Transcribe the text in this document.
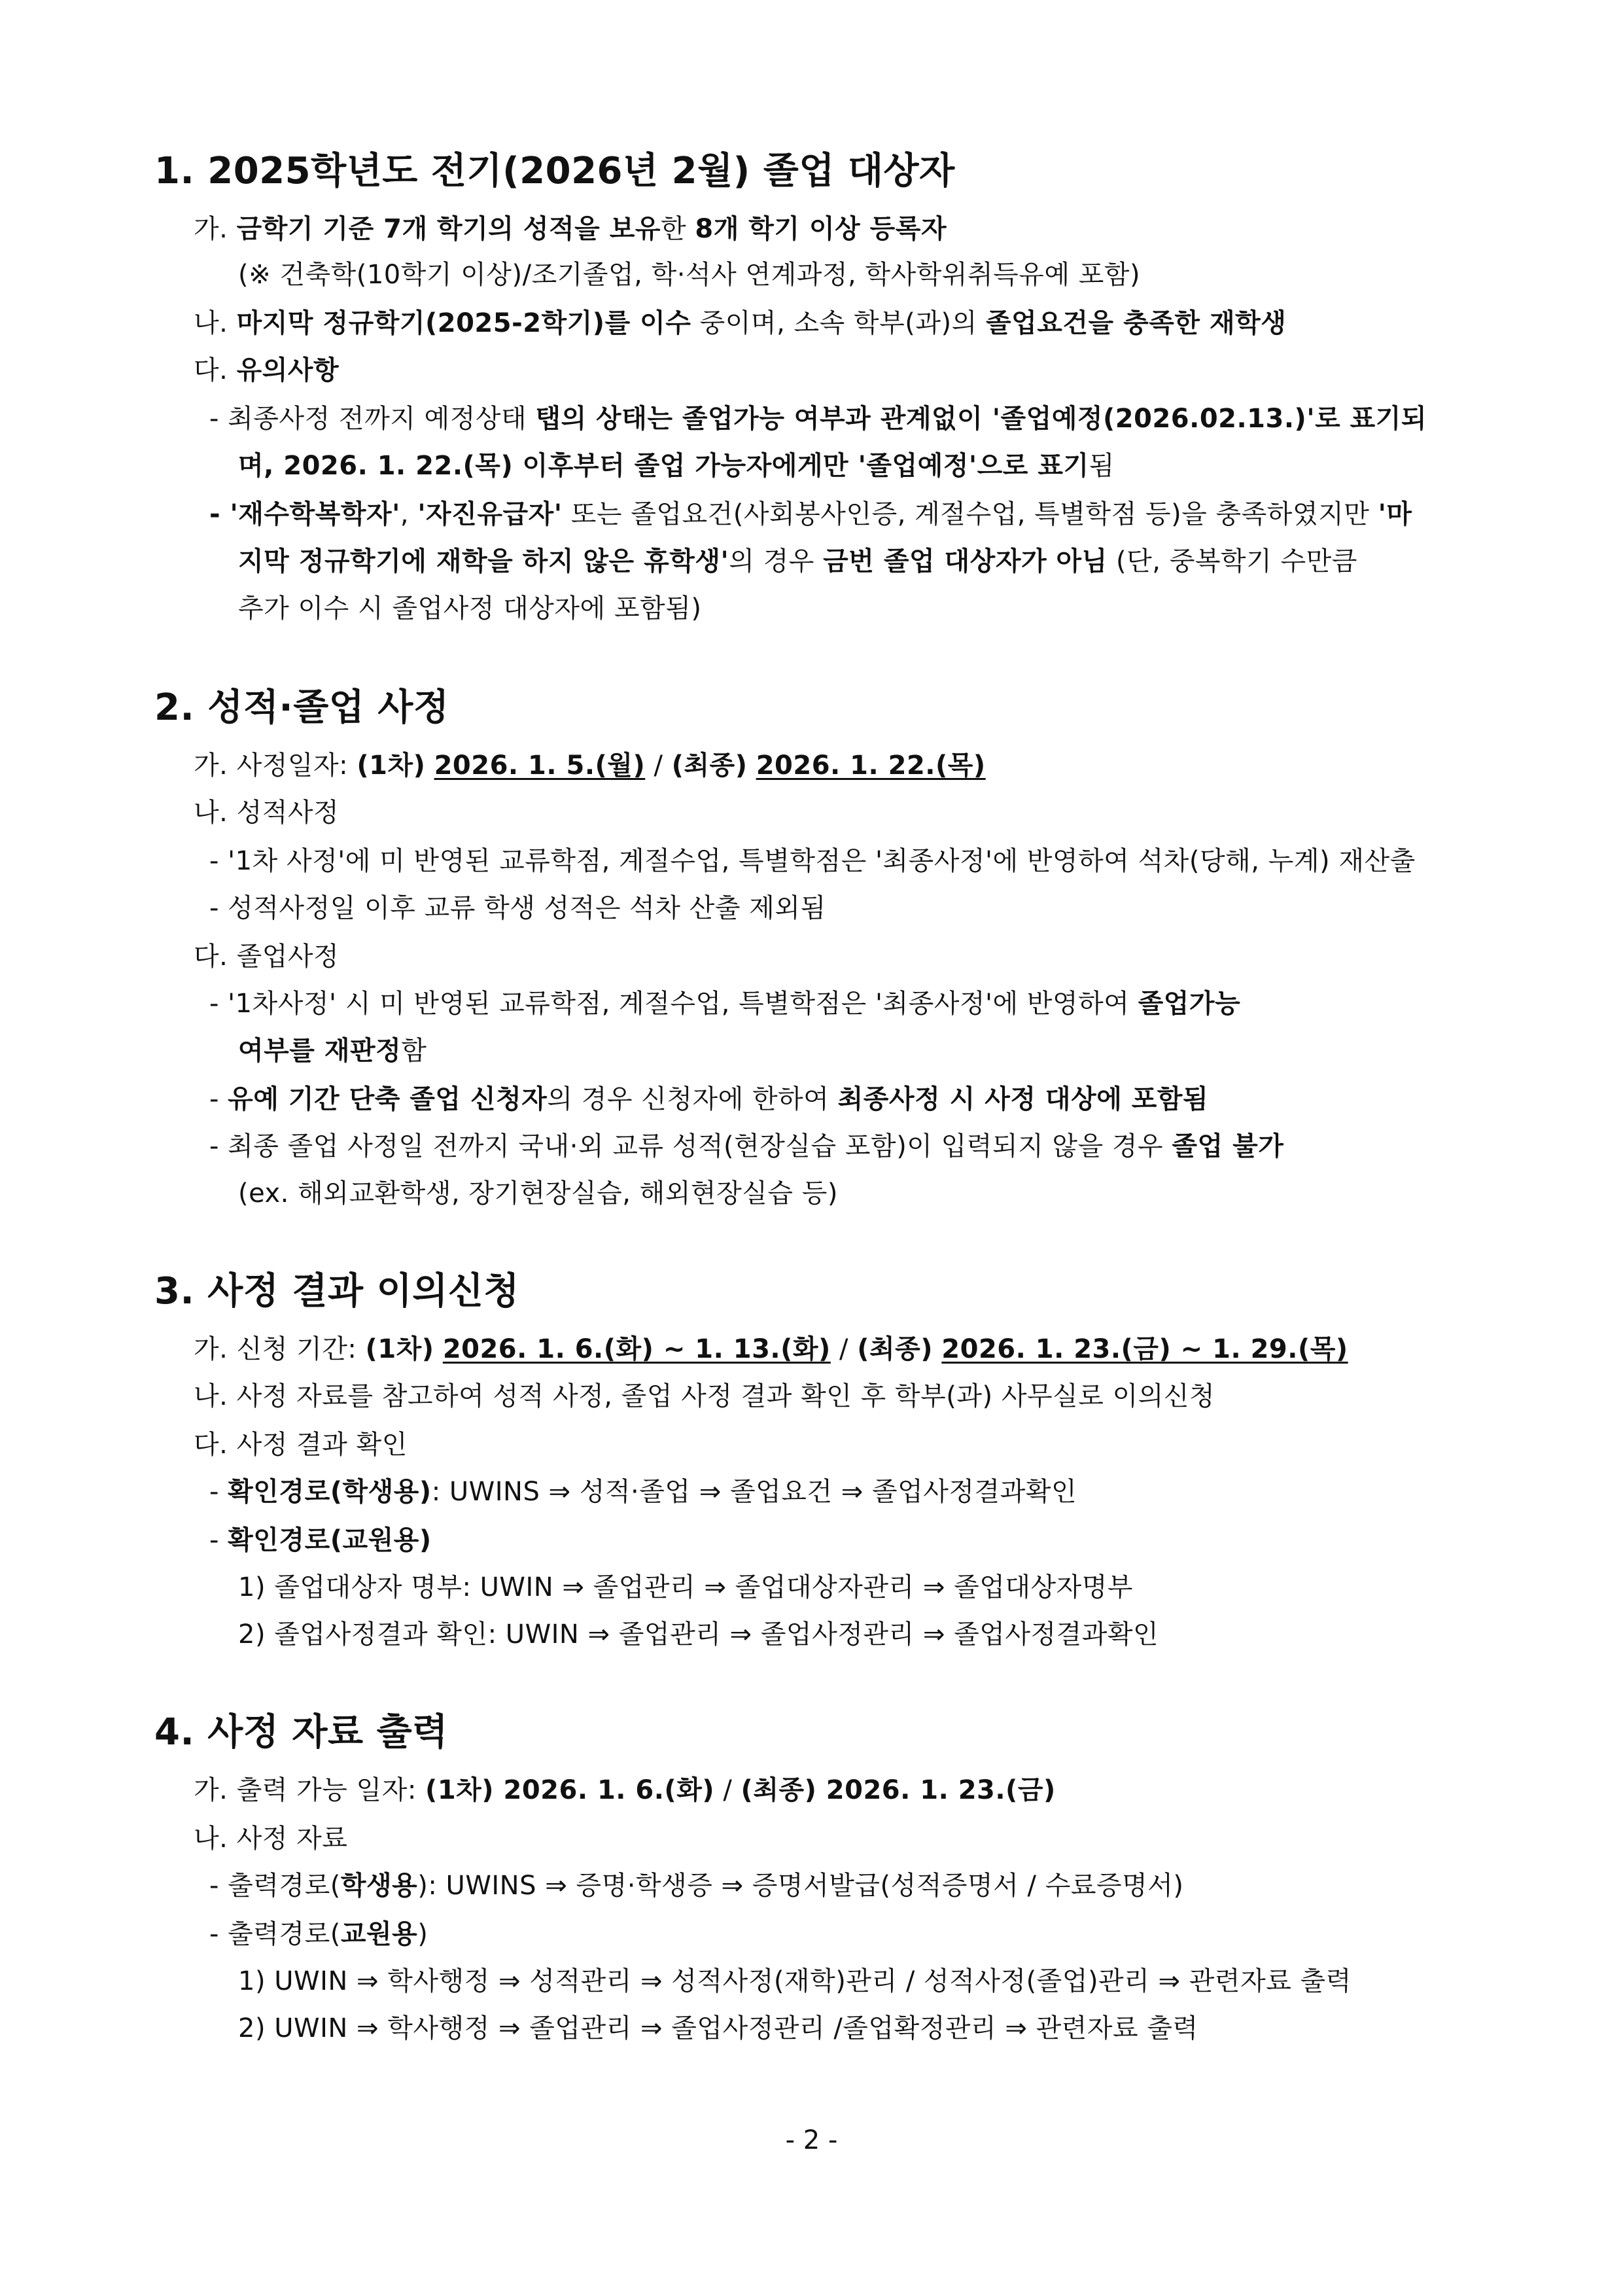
1. 2025학년도 전기(2026년 2월) 졸업 대상자
가. 금학기 기준 7개 학기의 성적을 보유한 8개 학기 이상 등록자
(※ 건축학(10학기 이상)/조기졸업, 학·석사 연계과정, 학사학위취득유예 포함)
나. 마지막 정규학기(2025-2학기)를 이수 중이며, 소속 학부(과)의 졸업요건을 충족한 재학생
다. 유의사항
- 최종사정 전까지 예정상태 탭의 상태는 졸업가능 여부과 관계없이 '졸업예정(2026.02.13.)'로 표기되
며, 2026. 1. 22.(목) 이후부터 졸업 가능자에게만 '졸업예정'으로 표기됨
- '재수학복학자', '자진유급자' 또는 졸업요건(사회봉사인증, 계절수업, 특별학점 등)을 충족하였지만 '마
지막 정규학기에 재학을 하지 않은 휴학생'의 경우 금번 졸업 대상자가 아님 (단, 중복학기 수만큼
추가 이수 시 졸업사정 대상자에 포함됨)
2. 성적·졸업 사정
가. 사정일자: (1차) 2026. 1. 5.(월) / (최종) 2026. 1. 22.(목)
나. 성적사정
- '1차 사정'에 미 반영된 교류학점, 계절수업, 특별학점은 '최종사정'에 반영하여 석차(당해, 누계) 재산출
- 성적사정일 이후 교류 학생 성적은 석차 산출 제외됨
다. 졸업사정
- '1차사정' 시 미 반영된 교류학점, 계절수업, 특별학점은 '최종사정'에 반영하여 졸업가능
여부를 재판정함
- 유예 기간 단축 졸업 신청자의 경우 신청자에 한하여 최종사정 시 사정 대상에 포함됨
- 최종 졸업 사정일 전까지 국내·외 교류 성적(현장실습 포함)이 입력되지 않을 경우 졸업 불가
(ex. 해외교환학생, 장기현장실습, 해외현장실습 등)
3. 사정 결과 이의신청
가. 신청 기간: (1차) 2026. 1. 6.(화) ~ 1. 13.(화) / (최종) 2026. 1. 23.(금) ~ 1. 29.(목)
나. 사정 자료를 참고하여 성적 사정, 졸업 사정 결과 확인 후 학부(과) 사무실로 이의신청
다. 사정 결과 확인
- 확인경로(학생용): UWINS ⇒ 성적·졸업 ⇒ 졸업요건 ⇒ 졸업사정결과확인
- 확인경로(교원용)
1) 졸업대상자 명부: UWIN ⇒ 졸업관리 ⇒ 졸업대상자관리 ⇒ 졸업대상자명부
2) 졸업사정결과 확인: UWIN ⇒ 졸업관리 ⇒ 졸업사정관리 ⇒ 졸업사정결과확인
4. 사정 자료 출력
가. 출력 가능 일자: (1차) 2026. 1. 6.(화) / (최종) 2026. 1. 23.(금)
나. 사정 자료
- 출력경로(학생용): UWINS ⇒ 증명·학생증 ⇒ 증명서발급(성적증명서 / 수료증명서)
- 출력경로(교원용)
1) UWIN ⇒ 학사행정 ⇒ 성적관리 ⇒ 성적사정(재학)관리 / 성적사정(졸업)관리 ⇒ 관련자료 출력
2) UWIN ⇒ 학사행정 ⇒ 졸업관리 ⇒ 졸업사정관리 /졸업확정관리 ⇒ 관련자료 출력
- 2 -
